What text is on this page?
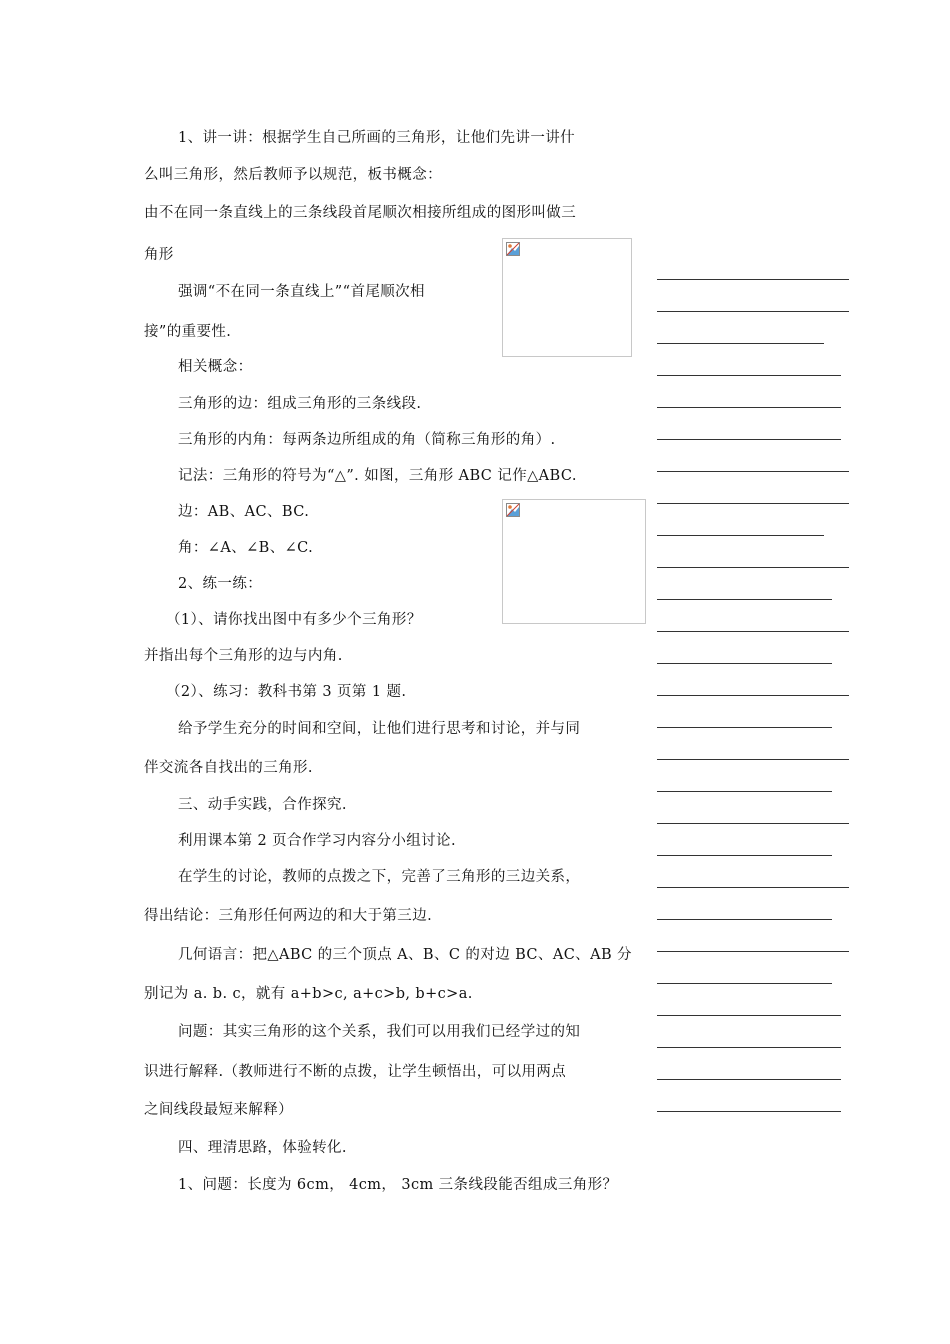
1、讲一讲：根据学生自己所画的三角形，让他们先讲一讲什
么叫三角形，然后教师予以规范，板书概念：
由不在同一条直线上的三条线段首尾顺次相接所组成的图形叫做三
角形
强调“不在同一条直线上”“首尾顺次相
接”的重要性.
相关概念：
三角形的边：组成三角形的三条线段.
三角形的内角：每两条边所组成的角（简称三角形的角）.
记法：三角形的符号为“△”. 如图，三角形 ABC 记作△ABC.
边：AB、AC、BC.
角：∠A、∠B、∠C.
2、练一练：
（1）、请你找出图中有多少个三角形？
并指出每个三角形的边与内角.
（2）、练习：教科书第 3 页第 1 题.
给予学生充分的时间和空间，让他们进行思考和讨论，并与同
伴交流各自找出的三角形.
三、动手实践，合作探究.
利用课本第 2 页合作学习内容分小组讨论.
在学生的讨论，教师的点拨之下，完善了三角形的三边关系，
得出结论：三角形任何两边的和大于第三边.
几何语言：把△ABC 的三个顶点 A、B、C 的对边 BC、AC、AB 分
别记为 a. b. c，就有 a+b>c, a+c>b, b+c>a.
问题：其实三角形的这个关系，我们可以用我们已经学过的知
识进行解释.（教师进行不断的点拨，让学生顿悟出，可以用两点
之间线段最短来解释）
四、理清思路，体验转化.
1、问题：长度为 6cm， 4cm， 3cm 三条线段能否组成三角形？
